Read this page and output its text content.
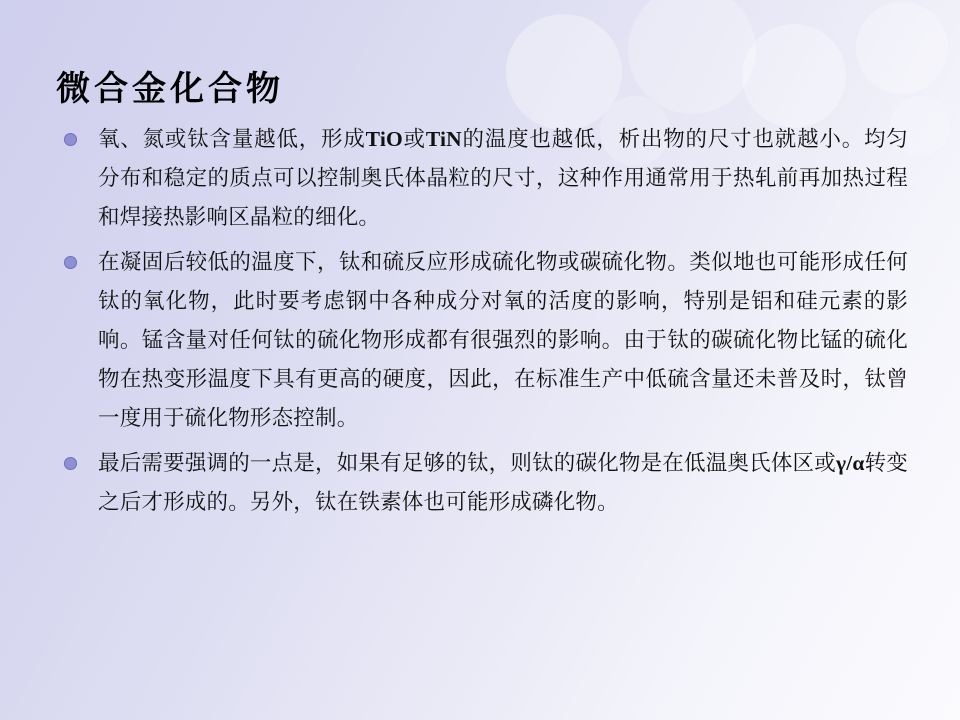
微合金化合物
氧、氮或钛含量越低，形成TiO或TiN的温度也越低，析出物的尺寸也就越小。均匀分布和稳定的质点可以控制奥氏体晶粒的尺寸，这种作用通常用于热轧前再加热过程和焊接热影响区晶粒的细化。
在凝固后较低的温度下，钛和硫反应形成硫化物或碳硫化物。类似地也可能形成任何钛的氧化物，此时要考虑钢中各种成分对氧的活度的影响，特别是铝和硅元素的影响。锰含量对任何钛的硫化物形成都有很强烈的影响。由于钛的碳硫化物比锰的硫化物在热变形温度下具有更高的硬度，因此，在标准生产中低硫含量还未普及时，钛曾一度用于硫化物形态控制。
最后需要强调的一点是，如果有足够的钛，则钛的碳化物是在低温奥氏体区或γ/α转变之后才形成的。另外，钛在铁素体也可能形成磷化物。
